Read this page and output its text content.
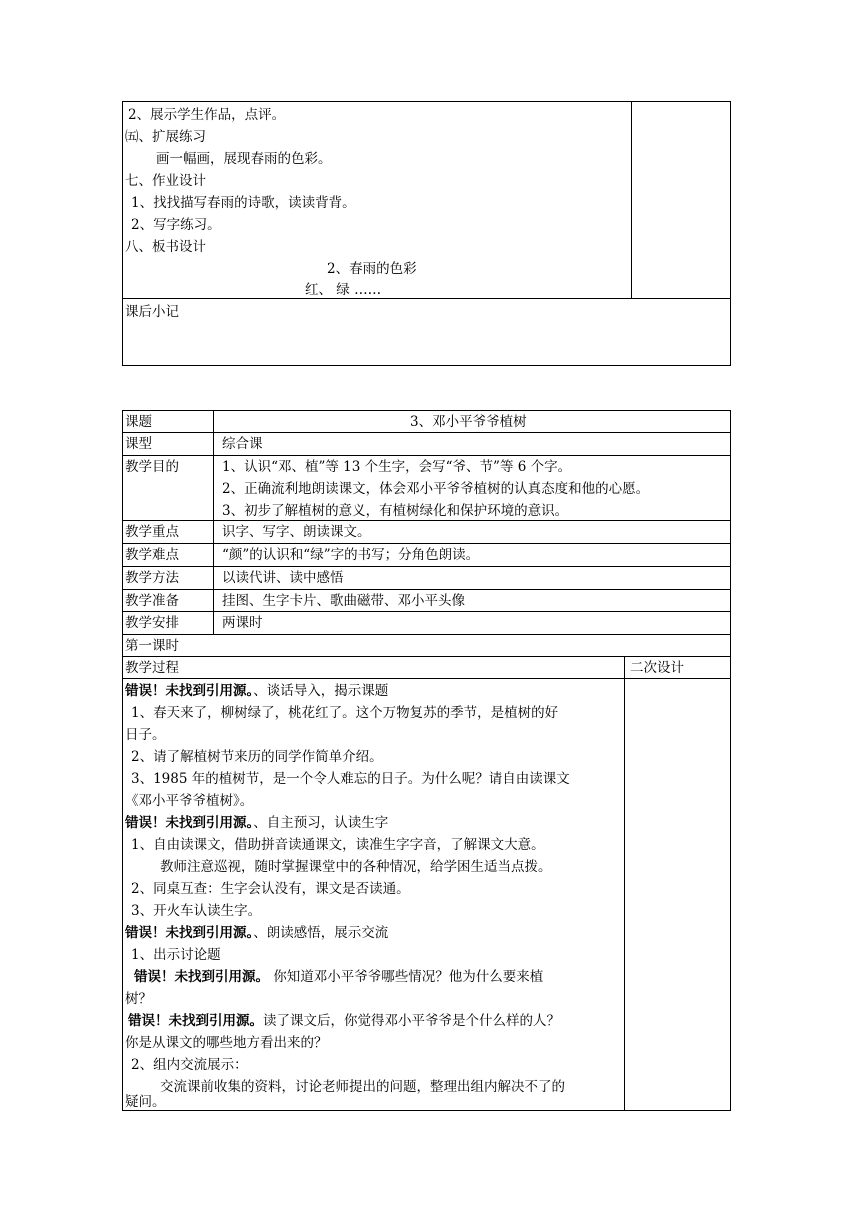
2、展示学生作品，点评。
㈤、扩展练习
画一幅画，展现春雨的色彩。
七、作业设计
1、找找描写春雨的诗歌，读读背背。
2、写字练习。
八、板书设计
2、春雨的色彩
红、 绿 ……
课后小记
课题
课型
教学目的
教学重点
教学难点
教学方法
教学准备
教学安排
3、邓小平爷爷植树
综合课
1、认识“邓、植”等 13 个生字，会写“爷、节”等 6 个字。
2、正确流利地朗读课文，体会邓小平爷爷植树的认真态度和他的心愿。
3、初步了解植树的意义，有植树绿化和保护环境的意识。
识字、写字、朗读课文。
“颜”的认识和“绿”字的书写；分角色朗读。
以读代讲、读中感悟
挂图、生字卡片、歌曲磁带、邓小平头像
两课时
第一课时
教学过程	二次设计
错误！未找到引用源。、谈话导入，揭示课题
1、春天来了，柳树绿了，桃花红了。这个万物复苏的季节，是植树的好
日子。
2、请了解植树节来历的同学作简单介绍。
3、1985 年的植树节，是一个令人难忘的日子。为什么呢？请自由读课文
《邓小平爷爷植树》。
错误！未找到引用源。、自主预习，认读生字
1、自由读课文，借助拼音读通课文，读准生字字音，了解课文大意。
教师注意巡视，随时掌握课堂中的各种情况，给学困生适当点拨。
2、同桌互查：生字会认没有，课文是否读通。
3、开火车认读生字。
错误！未找到引用源。、朗读感悟，展示交流
1、出示讨论题
错误！未找到引用源。 你知道邓小平爷爷哪些情况？他为什么要来植
树？
错误！未找到引用源。读了课文后，你觉得邓小平爷爷是个什么样的人？
你是从课文的哪些地方看出来的？
2、组内交流展示：
交流课前收集的资料，讨论老师提出的问题，整理出组内解决不了的
疑问。
